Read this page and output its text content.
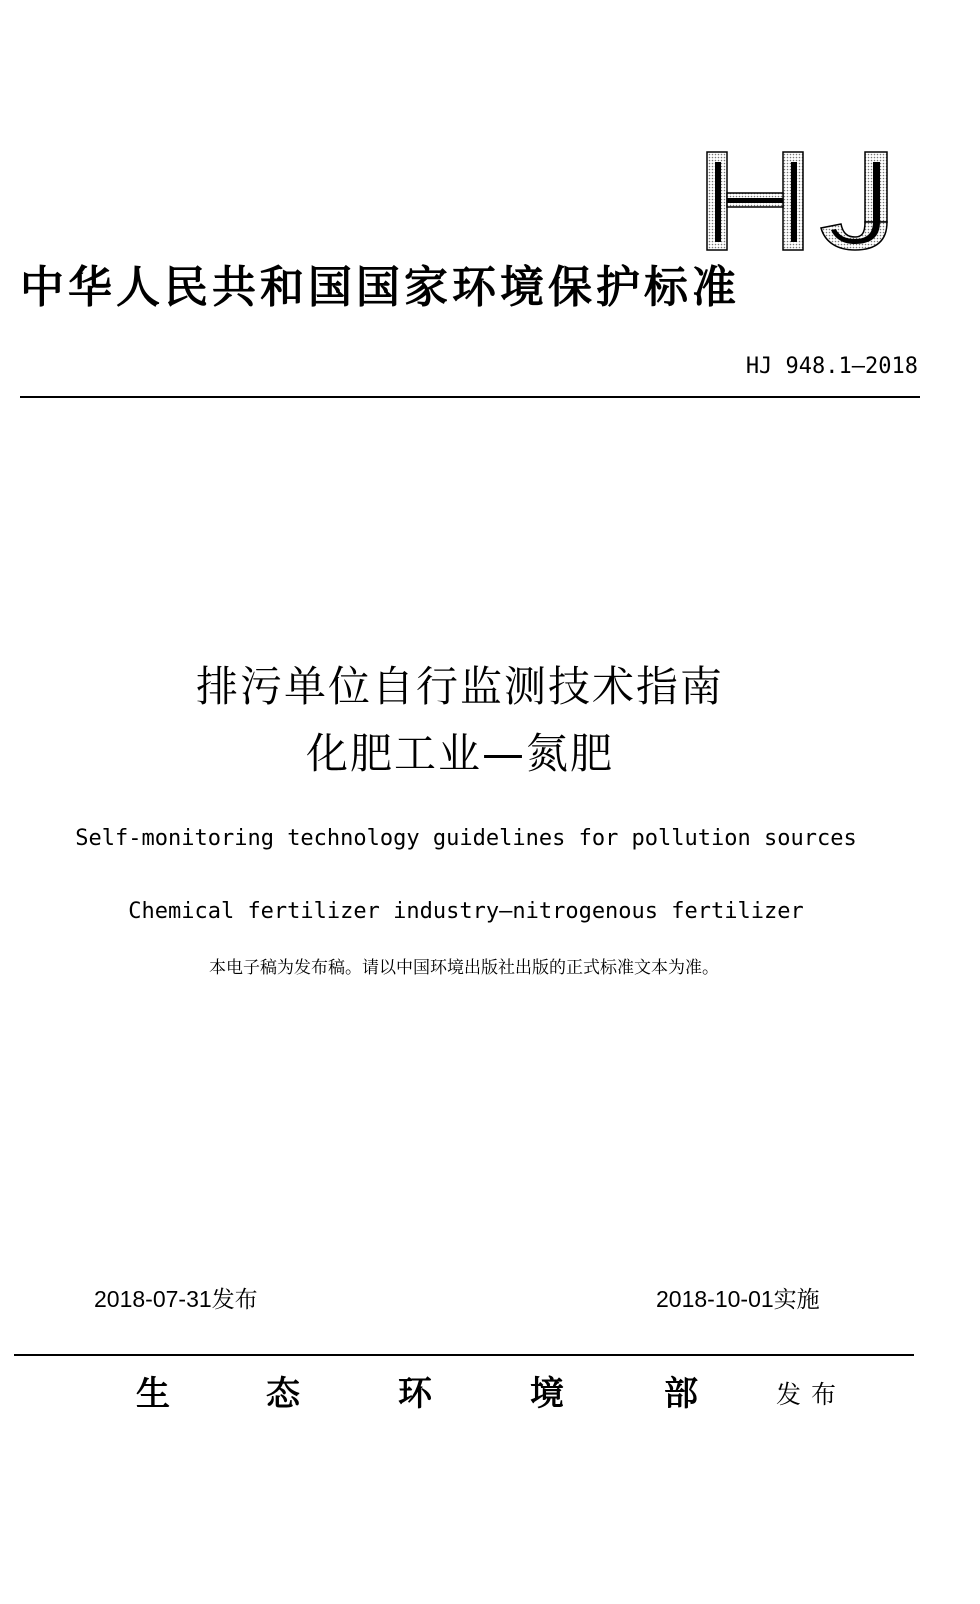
中华人民共和国国家环境保护标准
HJ 948.1—2018
排污单位自行监测技术指南
化肥工业—氮肥
Self-monitoring technology guidelines for pollution sources
Chemical fertilizer industry—nitrogenous fertilizer
本电子稿为发布稿。请以中国环境出版社出版的正式标准文本为准。
2018-07-31发布	2018-10-01实施
生	态	环	境	部	发布
